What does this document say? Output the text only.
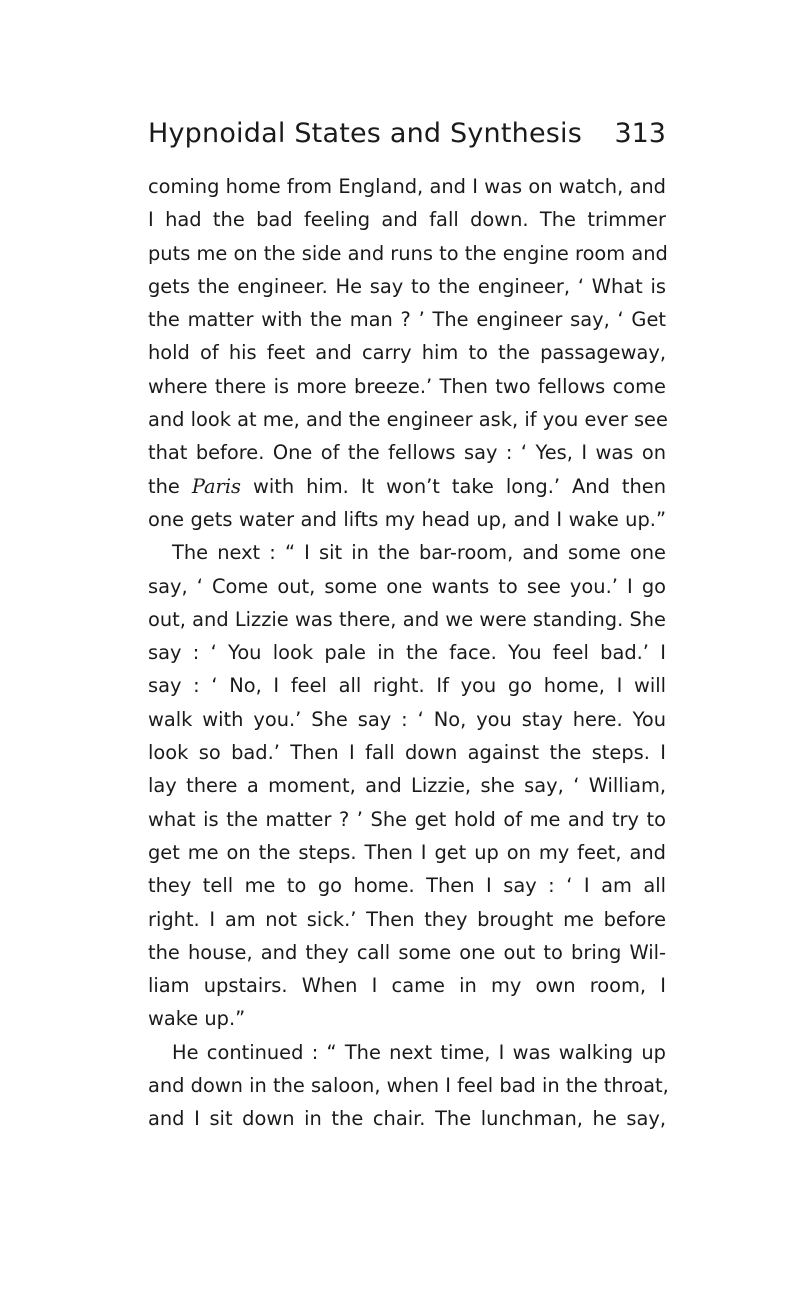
Hypnoidal States and Synthesis 313
coming home from England, and I was on watch, and
I had the bad feeling and fall down. The trimmer
puts me on the side and runs to the engine room and
gets the engineer. He say to the engineer, ‘ What is
the matter with the man ? ’ The engineer say, ‘ Get
hold of his feet and carry him to the passageway,
where there is more breeze.’ Then two fellows come
and look at me, and the engineer ask, if you ever see
that before. One of the fellows say : ‘ Yes, I was on
the Paris with him. It won’t take long.’ And then
one gets water and lifts my head up, and I wake up.”
The next : “ I sit in the bar-room, and some one
say, ‘ Come out, some one wants to see you.’ I go
out, and Lizzie was there, and we were standing. She
say : ‘ You look pale in the face. You feel bad.’ I
say : ‘ No, I feel all right. If you go home, I will
walk with you.’ She say : ‘ No, you stay here. You
look so bad.’ Then I fall down against the steps. I
lay there a moment, and Lizzie, she say, ‘ William,
what is the matter ? ’ She get hold of me and try to
get me on the steps. Then I get up on my feet, and
they tell me to go home. Then I say : ‘ I am all
right. I am not sick.’ Then they brought me before
the house, and they call some one out to bring Wil-
liam upstairs. When I came in my own room, I
wake up.”
He continued : “ The next time, I was walking up
and down in the saloon, when I feel bad in the throat,
and I sit down in the chair. The lunchman, he say,
